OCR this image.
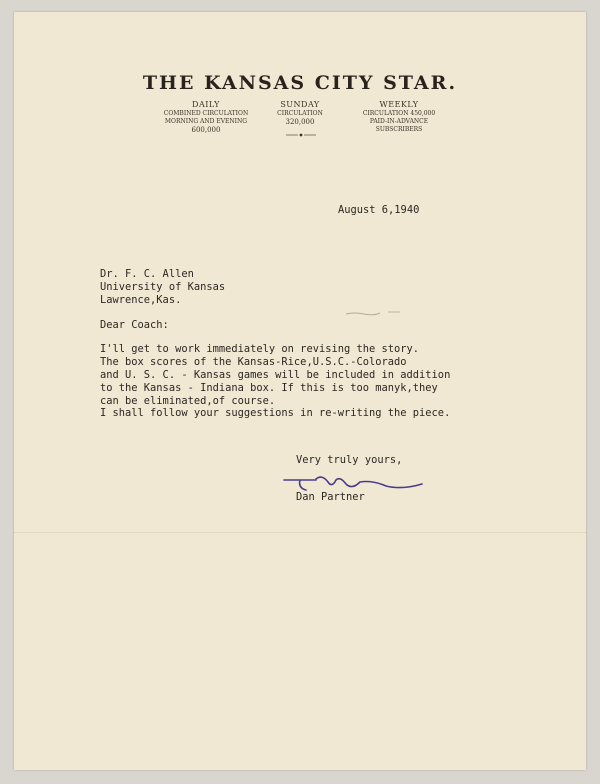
THE KANSAS CITY STAR.
DAILY
COMBINED CIRCULATION
MORNING AND EVENING
600,000
SUNDAY
CIRCULATION
320,000
WEEKLY
CIRCULATION 450,000
PAID-IN-ADVANCE
SUBSCRIBERS

August 6,1940

Dr. F. C. Allen
University of Kansas
Lawrence,Kas.

Dear Coach:

I'll get to work immediately on revising the story.
The box scores of the Kansas-Rice,U.S.C.-Colorado
and U. S. C. - Kansas games will be included in addition
to the Kansas - Indiana box. If this is too manyk,they
can be eliminated,of course.

I shall follow your suggestions in re-writing the piece.

Very truly yours,

Dan Partner
